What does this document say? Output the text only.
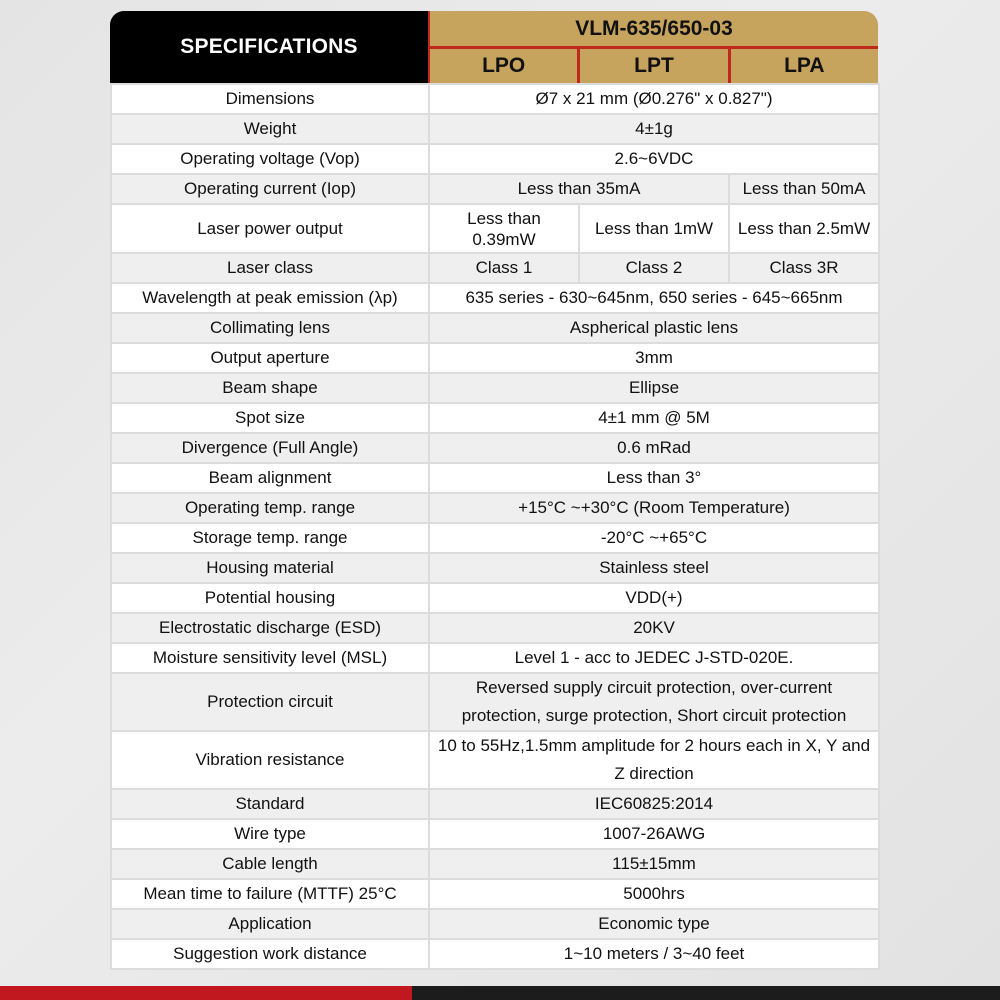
SPECIFICATIONS
VLM-635/650-03
LPO	LPT	LPA
Dimensions	Ø7 x 21 mm (Ø0.276" x 0.827")		
Weight	4±1g		
Operating voltage (Vop)	2.6~6VDC		
Operating current (Iop)	Less than 35mA		Less than 50mA
Laser power output	Less than 0.39mW	Less than 1mW	Less than 2.5mW
Laser class	Class 1	Class 2	Class 3R
Wavelength at peak emission (λp)	635 series - 630~645nm, 650 series - 645~665nm		
Collimating lens	Aspherical plastic lens		
Output aperture	3mm		
Beam shape	Ellipse		
Spot size	4±1 mm @ 5M		
Divergence (Full Angle)	0.6 mRad		
Beam alignment	Less than 3°		
Operating temp. range	+15°C ~+30°C (Room Temperature)		
Storage temp. range	-20°C ~+65°C		
Housing material	Stainless steel		
Potential housing	VDD(+)		
Electrostatic discharge (ESD)	20KV		
Moisture sensitivity level (MSL)	Level 1 - acc to JEDEC J-STD-020E.		
Protection circuit	Reversed supply circuit protection, over-current protection, surge protection, Short circuit protection		
Vibration resistance	10 to 55Hz,1.5mm amplitude for 2 hours each in X, Y and Z direction		
Standard	IEC60825:2014		
Wire type	1007-26AWG		
Cable length	115±15mm		
Mean time to failure (MTTF) 25°C	5000hrs		
Application	Economic type		
Suggestion work distance	1~10 meters / 3~40 feet		
